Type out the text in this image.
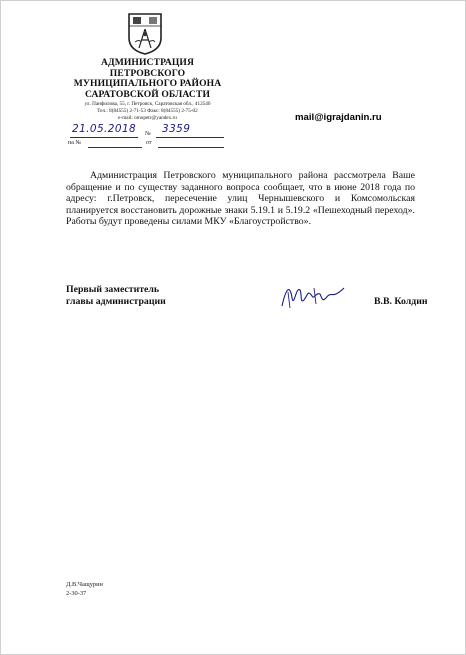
АДМИНИСТРАЦИЯ
ПЕТРОВСКОГО
МУНИЦИПАЛЬНОГО РАЙОНА
САРАТОВСКОЙ ОБЛАСТИ
ул. Панфилова, 55, г. Петровск, Саратовская обл., 412540
Тел.: 8(84555) 2-71-53 Факс: 8(84555) 2-75-02
e-mail: omopetr@yandex.ru	mail@igrajdanin.ru
21.05.2018 № 3359
на №	от

Администрация Петровского муниципального района рассмотрела Ваше обращение и по существу заданного вопроса сообщает, что в июне 2018 года по адресу: г.Петровск, пересечение улиц Чернышевского и Комсомольская планируется восстановить дорожные знаки 5.19.1 и 5.19.2 «Пешеходный переход». Работы будут проведены силами МКУ «Благоустройство».

Первый заместитель
главы администрации	В.В. Колдин
Д.В.Чащурин
2-30-37
